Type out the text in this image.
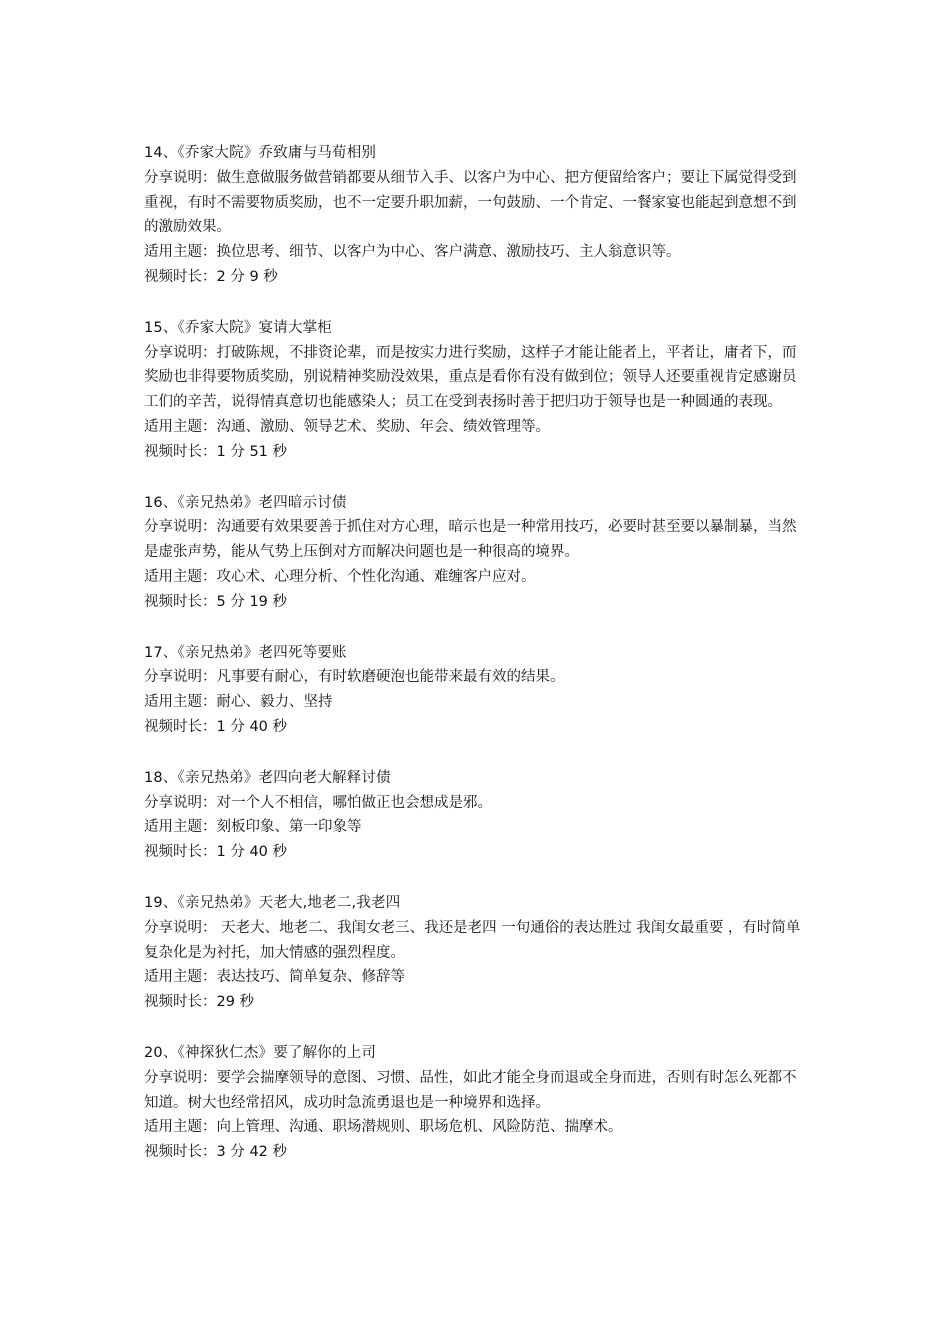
14、《乔家大院》乔致庸与马荀相别
分享说明：做生意做服务做营销都要从细节入手、以客户为中心、把方便留给客户；要让下属觉得受到重视，有时不需要物质奖励，也不一定要升职加薪，一句鼓励、一个肯定、一餐家宴也能起到意想不到的激励效果。
适用主题：换位思考、细节、以客户为中心、客户满意、激励技巧、主人翁意识等。
视频时长：2 分 9 秒
15、《乔家大院》宴请大掌柜
分享说明：打破陈规，不排资论辈，而是按实力进行奖励，这样子才能让能者上，平者让，庸者下，而奖励也非得要物质奖励，别说精神奖励没效果，重点是看你有没有做到位；领导人还要重视肯定感谢员工们的辛苦，说得情真意切也能感染人；员工在受到表扬时善于把归功于领导也是一种圆通的表现。
适用主题：沟通、激励、领导艺术、奖励、年会、绩效管理等。
视频时长：1 分 51 秒
16、《亲兄热弟》老四暗示讨债
分享说明：沟通要有效果要善于抓住对方心理，暗示也是一种常用技巧，必要时甚至要以暴制暴，当然是虚张声势，能从气势上压倒对方而解决问题也是一种很高的境界。
适用主题：攻心术、心理分析、个性化沟通、难缠客户应对。
视频时长：5 分 19 秒
17、《亲兄热弟》老四死等要账
分享说明：凡事要有耐心，有时软磨硬泡也能带来最有效的结果。
适用主题：耐心、毅力、坚持
视频时长：1 分 40 秒
18、《亲兄热弟》老四向老大解释讨债
分享说明：对一个人不相信，哪怕做正也会想成是邪。
适用主题：刻板印象、第一印象等
视频时长：1 分 40 秒
19、《亲兄热弟》天老大,地老二,我老四
分享说明： 天老大、地老二、我闺女老三、我还是老四 一句通俗的表达胜过 我闺女最重要 ，有时简单复杂化是为衬托，加大情感的强烈程度。
适用主题：表达技巧、简单复杂、修辞等
视频时长：29 秒
20、《神探狄仁杰》要了解你的上司
分享说明：要学会揣摩领导的意图、习惯、品性，如此才能全身而退或全身而进，否则有时怎么死都不知道。树大也经常招风，成功时急流勇退也是一种境界和选择。
适用主题：向上管理、沟通、职场潜规则、职场危机、风险防范、揣摩术。
视频时长：3 分 42 秒
